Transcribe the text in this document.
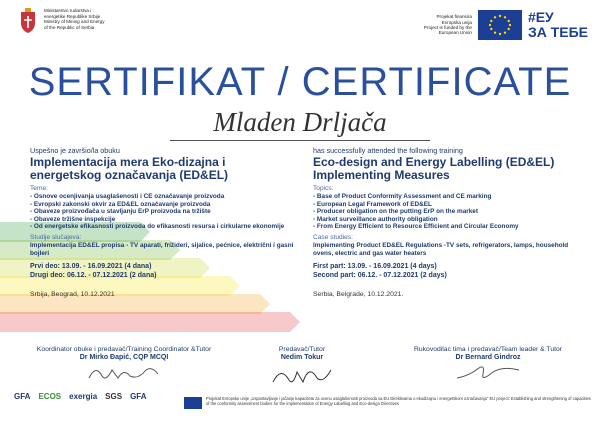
Ministarstvo rudarstva i
energetike Republike Srbije
Ministry of Mining and Energy
of the Republic of Serbia
Projekat finansira
Evropska unija
Project is funded by the
European Union
#ЕУ
ЗА ТЕБЕ
SERTIFIKAT / CERTIFICATE
Mladen Drljača
Uspešno je završio/la obuku
Implementacija mera Eko-dizajna i energetskog označavanja (ED&EL)
Teme:
- Osnove ocenjivanja usaglašenosti i CE označavanje proizvoda
- Evropski zakonski okvir za ED&EL označavanje proizvoda
- Obaveze proizvođača u stavljanju ErP proizvoda na tržište
- Obaveze tržišne inspekcije
- Od energetske efikasnosti proizvoda do efikasnosti resursa i cirkularne ekonomije
Studije slučajeva:
Implementacija ED&EL propisa - TV aparati, frižideri, sijalice, pećnice, električni i gasni bojleri
Prvi deo: 13.09. - 16.09.2021 (4 dana)
Drugi deo: 06.12. - 07.12.2021 (2 dana)
Srbija, Beograd, 10.12.2021
has successfully attended the following training
Eco-design and Energy Labelling (ED&EL) Implementing Measures
Topics:
- Base of Product Conformity Assessment and CE marking
- European Legal Framework of ED&EL
- Producer obligation on the putting ErP on the market
- Market surveillance authority obligation
- From Energy Efficient to Resource Efficient and Circular Economy
Case studies:
Implementing Product ED&EL Regulations -TV sets, refrigerators, lamps, household ovens, electric and gas water heaters
First part: 13.09. - 16.09.2021 (4 days)
Second part: 06.12. - 07.12.2021 (2 days)
Serbia, Belgrade, 10.12.2021.
Koordinator obuke i predavač/Training Coordinator &Tutor
Dr Mirko Đapić, CQP MCQI
Predavač/Tutor
Nedim Tokur
Rukovodilac tima i predavač/Team leader & Tutor
Dr Bernard Gindroz
GFA ECOS exergia SGS GFA	Projekat Evropske unije „Uspostavljanje i jačanje kapaciteta za ocenu usaglašenosti proizvoda sa EU Direktivama o ekodizajnu i energetskom označavanju“ EU project: Establishing and strengthening of capacities of the conformity assessment bodies for the implementation of Energy Labelling and Eco-design Directives
